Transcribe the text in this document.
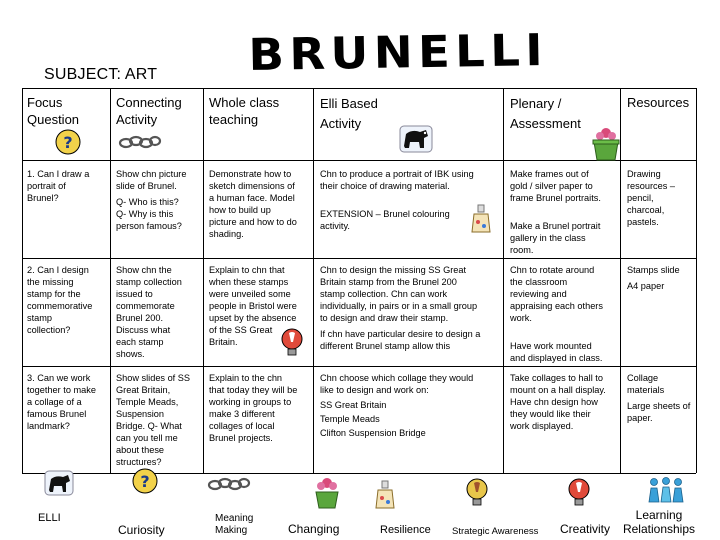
SUBJECT: ART BRUNELLI
Focus
Question
Connecting
Activity
Whole class
teaching
Elli Based
Activity
Plenary /
Assessment
Resources
?
1. Can I draw a
portrait of
Brunel?
Show chn picture
slide of Brunel.
Q- Who is this?
Q- Why is this
person famous?
Demonstrate how to
sketch dimensions of
a human face. Model
how to build up
picture and how to do
shading.
Chn to produce a portrait of IBK using
their choice of drawing material.
EXTENSION – Brunel colouring
activity.
Make frames out of
gold / silver paper to
frame Brunel portraits.
Make a Brunel portrait
gallery in the class
room.
Drawing
resources –
pencil,
charcoal,
pastels.
2. Can I design
the missing
stamp for the
commemorative
stamp
collection?
Show chn the
stamp collection
issued to
commemorate
Brunel 200.
Discuss what
each stamp
shows.
Explain to chn that
when these stamps
were unveiled some
people in Bristol were
upset by the absence
of the SS Great
Britain.
Chn to design the missing SS Great
Britain stamp from the Brunel 200
stamp collection. Chn can work
individually, in pairs or in a small group
to design and draw their stamp.
If chn have particular desire to design a
different Brunel stamp allow this
Chn to rotate around
the classroom
reviewing and
appraising each others
work.
Have work mounted
and displayed in class.
Stamps slide
A4 paper
3. Can we work
together to make
a collage of a
famous Brunel
landmark?
Show slides of SS
Great Britain,
Temple Meads,
Suspension
Bridge. Q- What
can you tell me
about these
structures?
?
Explain to the chn
that today they will be
working in groups to
make 3 different
collages of local
Brunel projects.
Chn choose which collage they would
like to design and work on:
SS Great Britain
Temple Meads
Clifton Suspension Bridge
Take collages to hall to
mount on a hall display.
Have chn design how
they would like their
work displayed.
Collage
materials
Large sheets of
paper.
ELLI
Curiosity
Meaning
Making	Changing	Resilience Strategic Awareness Creativity
Learning
Relationships
